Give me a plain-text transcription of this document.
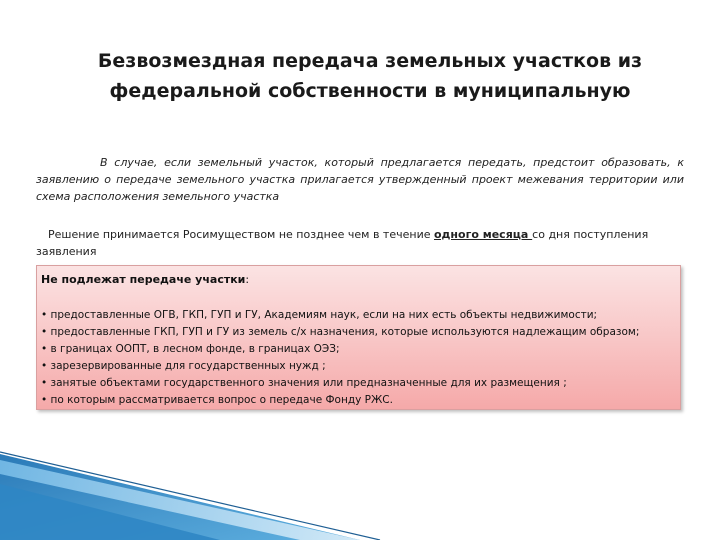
Безвозмездная передача земельных участков из
федеральной собственности в муниципальную
В случае, если земельный участок, который предлагается передать, предстоит образовать, к заявлению о передаче земельного участка прилагается утвержденный проект межевания территории или схема расположения земельного участка
Решение принимается Росимуществом не позднее чем в течение одного месяца со дня поступления заявления
Не подлежат передаче участки:
• предоставленные ОГВ, ГКП, ГУП и ГУ, Академиям наук, если на них есть объекты недвижимости;
• предоставленные ГКП, ГУП и ГУ из земель с/х назначения, которые используются надлежащим образом;
• в границах ООПТ, в лесном фонде, в границах ОЭЗ;
• зарезервированные для государственных нужд ;
• занятые объектами государственного значения или предназначенные для их размещения ;
• по которым рассматривается вопрос о передаче Фонду РЖС.
